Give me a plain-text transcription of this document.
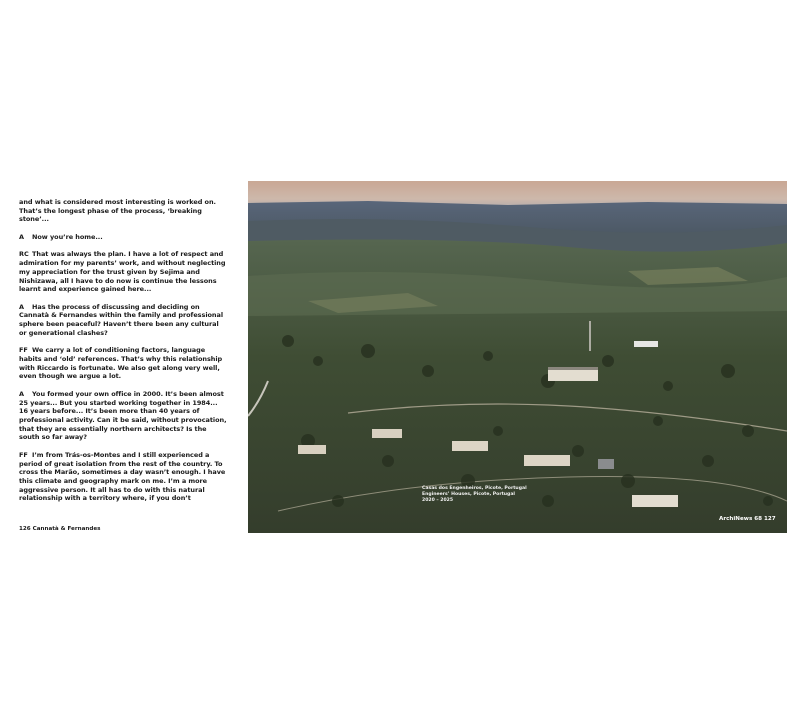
and what is considered most interesting is worked on. That’s the longest phase of the process, ‘breaking stone’...

A Now you’re home...

RC That was always the plan. I have a lot of respect and admiration for my parents’ work, and without neglecting my appreciation for the trust given by Sejima and Nishizawa, all I have to do now is continue the lessons learnt and experience gained here...

A Has the process of discussing and deciding on Cannatà & Fernandes within the family and professional sphere been peaceful? Haven’t there been any cultural or generational clashes?

FF We carry a lot of conditioning factors, language habits and ‘old’ references. That’s why this relationship with Riccardo is fortunate. We also get along very well, even though we argue a lot.

A You formed your own office in 2000. It’s been almost 25 years... But you started working together in 1984... 16 years before... It’s been more than 40 years of professional activity. Can it be said, without provocation, that they are essentially northern architects? Is the south so far away?

FF I’m from Trás-os-Montes and I still experienced a period of great isolation from the rest of the country. To cross the Marão, sometimes a day wasn’t enough. I have this climate and geography mark on me. I’m a more aggressive person. It all has to do with this natural relationship with a territory where, if you don’t

126 Cannatà & Fernandes
Casas dos Engenheiros, Picote, Portugal
Engineers’ Houses, Picote, Portugal
2020 – 2025
ArchiNews 68 127
